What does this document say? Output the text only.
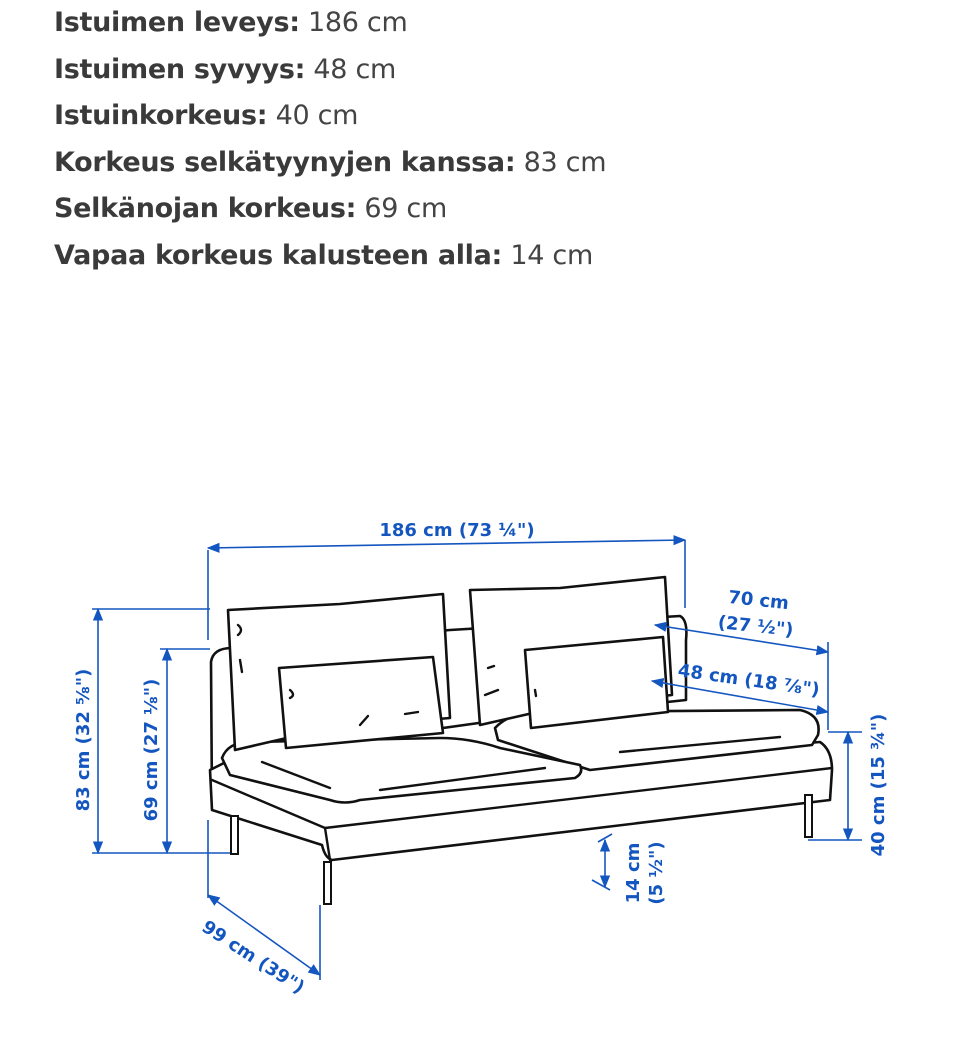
Istuimen leveys: 186 cm
Istuimen syvyys: 48 cm
Istuinkorkeus: 40 cm
Korkeus selkätyynyjen kanssa: 83 cm
Selkänojan korkeus: 69 cm
Vapaa korkeus kalusteen alla: 14 cm
186 cm (73 ¼")
83 cm (32 ⅝")	69 cm (27 ⅛")
70 cm
(27 ½")
48 cm (18 ⅞")
40 cm (15 ¾")
14 cm (5 ½")
99 cm (39")
